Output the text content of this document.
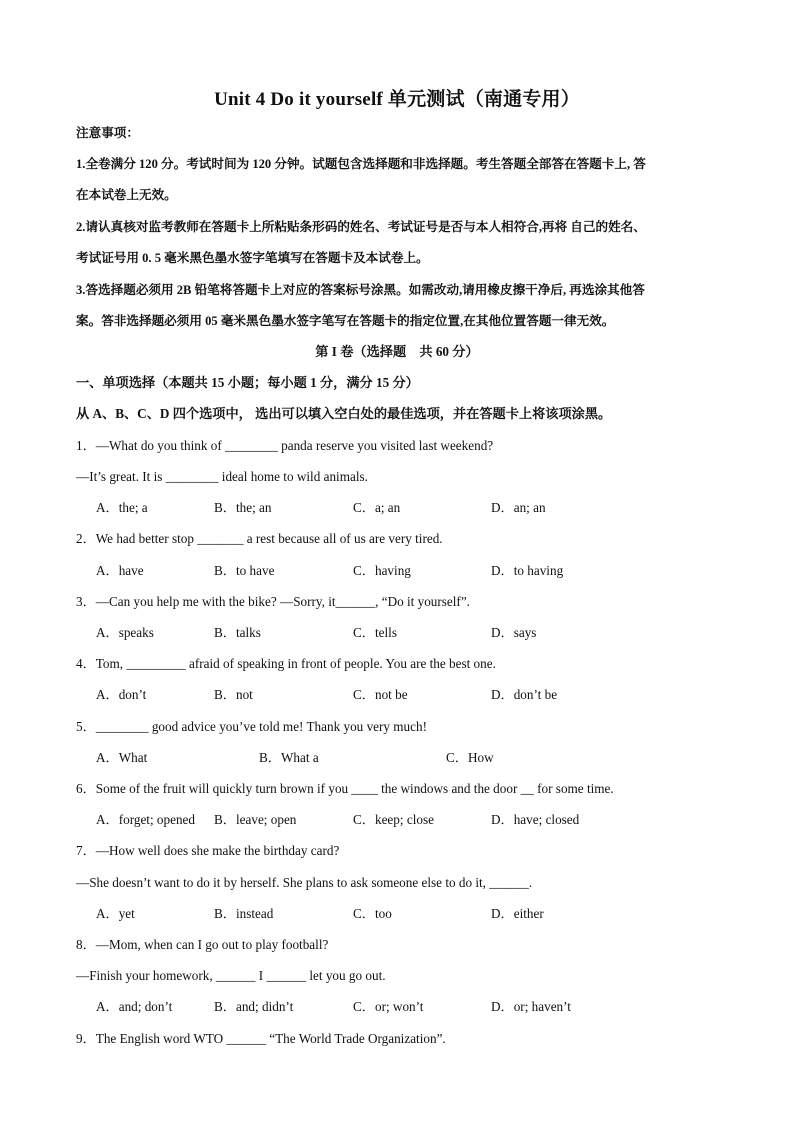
Unit 4 Do it yourself 单元测试（南通专用）
注意事项：
1.全卷满分 120 分。考试时间为 120 分钟。试题包含选择题和非选择题。考生答题全部答在答题卡上, 答
在本试卷上无效。
2.请认真核对监考教师在答题卡上所粘贴条形码的姓名、考试证号是否与本人相符合,再将 自己的姓名、
考试证号用 0. 5 毫米黑色墨水签字笔填写在答题卡及本试卷上。
3.答选择题必须用 2B 铅笔将答题卡上对应的答案标号涂黑。如需改动,请用橡皮擦干净后, 再选涂其他答
案。答非选择题必须用 05 毫米黑色墨水签字笔写在答题卡的指定位置,在其他位置答题一律无效。
第 I 卷（选择题　共 60 分）
一、单项选择（本题共 15 小题；每小题 1 分，满分 15 分）
从 A、B、C、D 四个选项中， 选出可以填入空白处的最佳选项，并在答题卡上将该项涂黑。
1．—What do you think of ________ panda reserve you visited last weekend?
—It’s great. It is ________ ideal home to wild animals.
A．the; a	B．the; an	C．a; an	D．an; an
2．We had better stop _______ a rest because all of us are very tired.
A．have	B．to have	C．having	D．to having
3．—Can you help me with the bike? —Sorry, it______, “Do it yourself”.
A．speaks	B．talks	C．tells	D．says
4．Tom, _________ afraid of speaking in front of people. You are the best one.
A．don’t	B．not	C．not be	D．don’t be
5．________ good advice you’ve told me! Thank you very much!
A．What	B．What a	C．How
6．Some of the fruit will quickly turn brown if you ____ the windows and the door __ for some time.
A．forget; opened B．leave; open	C．keep; close	D．have; closed
7．—How well does she make the birthday card?
—She doesn’t want to do it by herself. She plans to ask someone else to do it, ______.
A．yet	B．instead	C．too	D．either
8．—Mom, when can I go out to play football?
—Finish your homework, ______ I ______ let you go out.
A．and; don’t	B．and; didn’t	C．or; won’t	D．or; haven’t
9．The English word WTO ______ “The World Trade Organization”.
